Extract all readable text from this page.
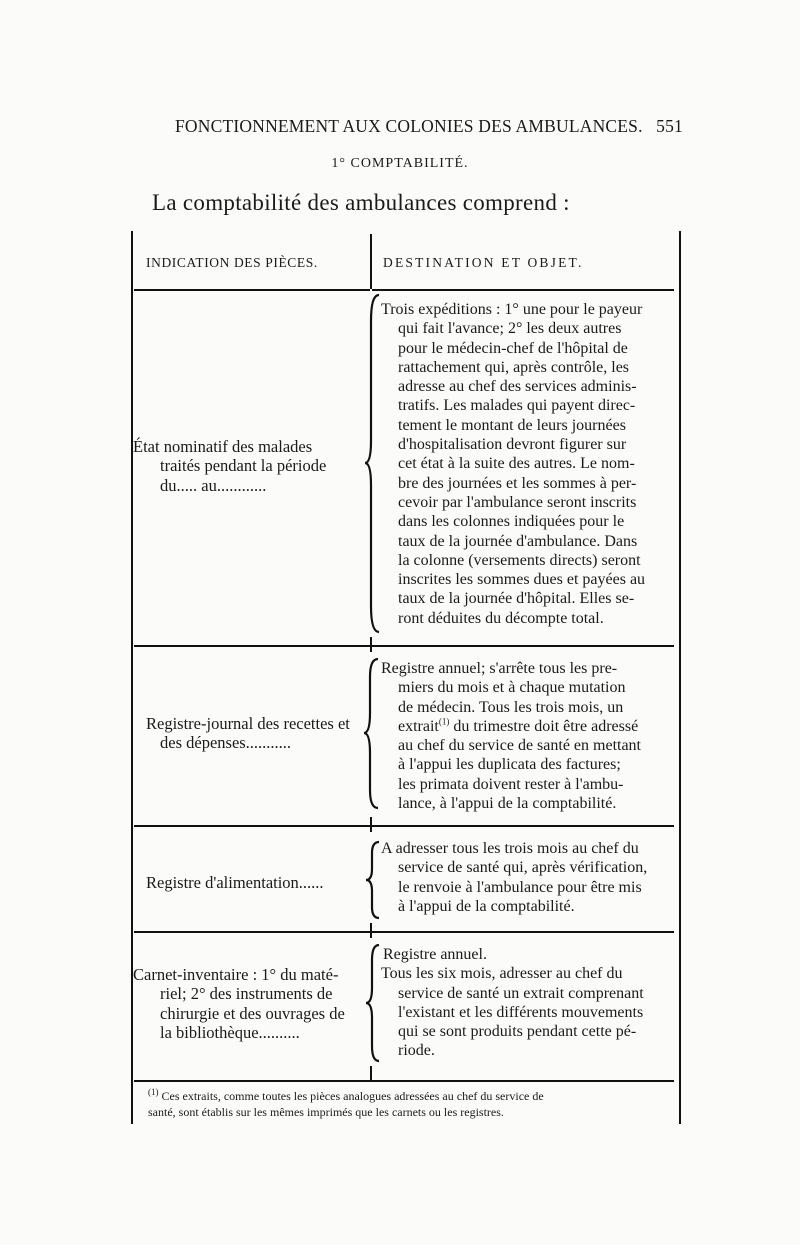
FONCTIONNEMENT AUX COLONIES DES AMBULANCES. 551
1° COMPTABILITÉ.
La comptabilité des ambulances comprend :
INDICATION DES PIÈCES.	DESTINATION ET OBJET.
État nominatif des malades
traités pendant la période
du..... au............
Trois expéditions : 1° une pour le payeur
qui fait l'avance; 2° les deux autres
pour le médecin-chef de l'hôpital de
rattachement qui, après contrôle, les
adresse au chef des services adminis-
tratifs. Les malades qui payent direc-
tement le montant de leurs journées
d'hospitalisation devront figurer sur
cet état à la suite des autres. Le nom-
bre des journées et les sommes à per-
cevoir par l'ambulance seront inscrits
dans les colonnes indiquées pour le
taux de la journée d'ambulance. Dans
la colonne (versements directs) seront
inscrites les sommes dues et payées au
taux de la journée d'hôpital. Elles se-
ront déduites du décompte total.
Registre-journal des recettes et
des dépenses...........
Registre annuel; s'arrête tous les pre-
miers du mois et à chaque mutation
de médecin. Tous les trois mois, un
extrait$^{(1)}$ du trimestre doit être adressé
au chef du service de santé en mettant
à l'appui les duplicata des factures;
les primata doivent rester à l'ambu-
lance, à l'appui de la comptabilité.
Registre d'alimentation......
A adresser tous les trois mois au chef du
service de santé qui, après vérification,
le renvoie à l'ambulance pour être mis
à l'appui de la comptabilité.
Carnet-inventaire : 1° du maté-
riel; 2° des instruments de
chirurgie et des ouvrages de
la bibliothèque..........
Registre annuel.
Tous les six mois, adresser au chef du
service de santé un extrait comprenant
l'existant et les différents mouvements
qui se sont produits pendant cette pé-
riode.
$^{(1)}$ Ces extraits, comme toutes les pièces analogues adressées au chef du service de
santé, sont établis sur les mêmes imprimés que les carnets ou les registres.
